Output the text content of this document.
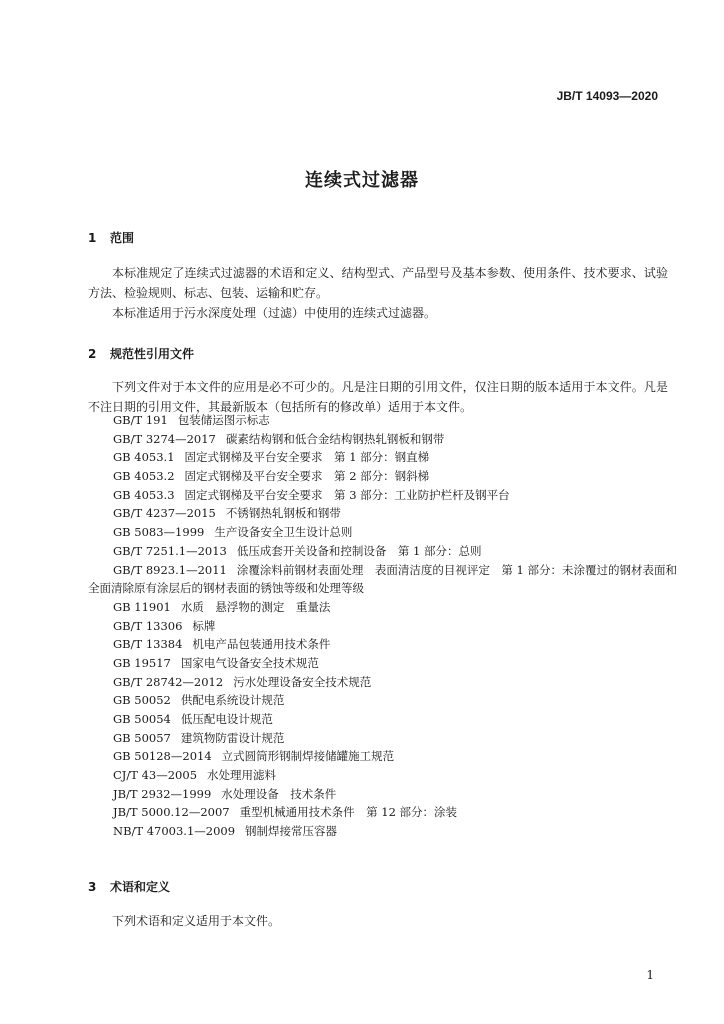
JB/T 14093—2020
连续式过滤器
1 范围
本标准规定了连续式过滤器的术语和定义、结构型式、产品型号及基本参数、使用条件、技术要求、试验方法、检验规则、标志、包装、运输和贮存。
本标准适用于污水深度处理（过滤）中使用的连续式过滤器。
2 规范性引用文件
下列文件对于本文件的应用是必不可少的。凡是注日期的引用文件，仅注日期的版本适用于本文件。凡是不注日期的引用文件，其最新版本（包括所有的修改单）适用于本文件。
GB/T 191 包装储运图示标志
GB/T 3274—2017 碳素结构钢和低合金结构钢热轧钢板和钢带
GB 4053.1 固定式钢梯及平台安全要求　第 1 部分：钢直梯
GB 4053.2 固定式钢梯及平台安全要求　第 2 部分：钢斜梯
GB 4053.3 固定式钢梯及平台安全要求　第 3 部分：工业防护栏杆及钢平台
GB/T 4237—2015 不锈钢热轧钢板和钢带
GB 5083—1999 生产设备安全卫生设计总则
GB/T 7251.1—2013 低压成套开关设备和控制设备　第 1 部分：总则
GB/T 8923.1—2011 涂覆涂料前钢材表面处理　表面清洁度的目视评定　第 1 部分：未涂覆过的钢材表面和全面清除原有涂层后的钢材表面的锈蚀等级和处理等级
GB 11901 水质　悬浮物的测定　重量法
GB/T 13306 标牌
GB/T 13384 机电产品包装通用技术条件
GB 19517 国家电气设备安全技术规范
GB/T 28742—2012 污水处理设备安全技术规范
GB 50052 供配电系统设计规范
GB 50054 低压配电设计规范
GB 50057 建筑物防雷设计规范
GB 50128—2014 立式圆筒形钢制焊接储罐施工规范
CJ/T 43—2005 水处理用滤料
JB/T 2932—1999 水处理设备　技术条件
JB/T 5000.12—2007 重型机械通用技术条件　第 12 部分：涂装
NB/T 47003.1—2009 钢制焊接常压容器
3 术语和定义
下列术语和定义适用于本文件。
1
